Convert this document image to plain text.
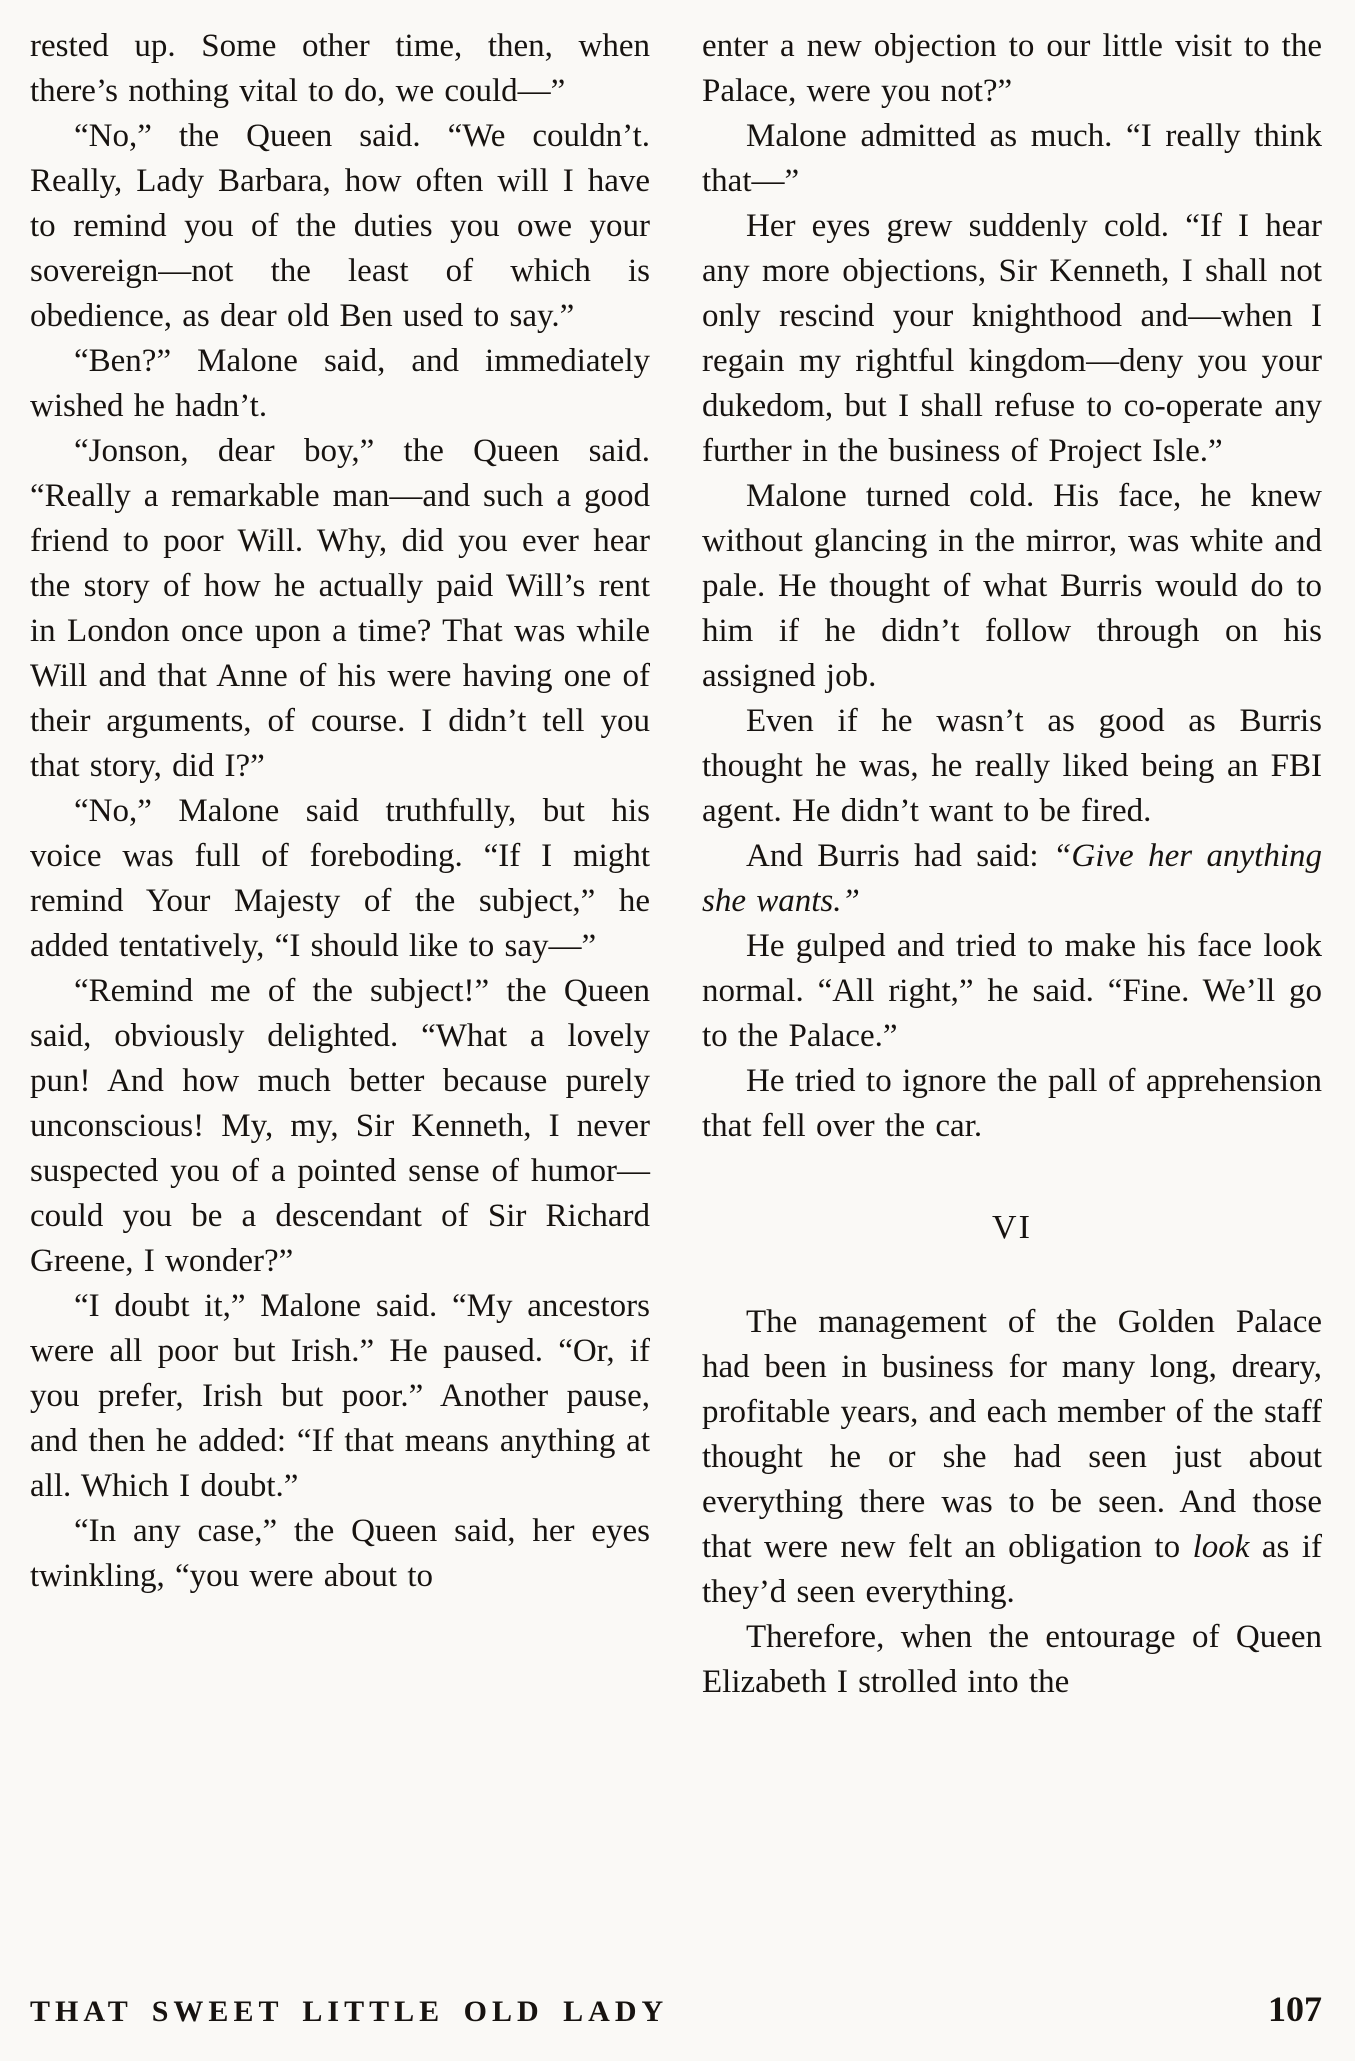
rested up. Some other time, then, when there’s nothing vital to do, we could—”

“No,” the Queen said. “We couldn’t. Really, Lady Barbara, how often will I have to remind you of the duties you owe your sovereign—not the least of which is obedience, as dear old Ben used to say.”

“Ben?” Malone said, and immediately wished he hadn’t.

“Jonson, dear boy,” the Queen said. “Really a remarkable man—and such a good friend to poor Will. Why, did you ever hear the story of how he actually paid Will’s rent in London once upon a time? That was while Will and that Anne of his were having one of their arguments, of course. I didn’t tell you that story, did I?”

“No,” Malone said truthfully, but his voice was full of foreboding. “If I might remind Your Majesty of the subject,” he added tentatively, “I should like to say—”

“Remind me of the subject!” the Queen said, obviously delighted. “What a lovely pun! And how much better because purely unconscious! My, my, Sir Kenneth, I never suspected you of a pointed sense of humor—could you be a descendant of Sir Richard Greene, I wonder?”

“I doubt it,” Malone said. “My ancestors were all poor but Irish.” He paused. “Or, if you prefer, Irish but poor.” Another pause, and then he added: “If that means anything at all. Which I doubt.”

“In any case,” the Queen said, her eyes twinkling, “you were about to

enter a new objection to our little visit to the Palace, were you not?”

Malone admitted as much. “I really think that—”

Her eyes grew suddenly cold. “If I hear any more objections, Sir Kenneth, I shall not only rescind your knighthood and—when I regain my rightful kingdom—deny you your dukedom, but I shall refuse to co-operate any further in the business of Project Isle.”

Malone turned cold. His face, he knew without glancing in the mirror, was white and pale. He thought of what Burris would do to him if he didn’t follow through on his assigned job.

Even if he wasn’t as good as Burris thought he was, he really liked being an FBI agent. He didn’t want to be fired.

And Burris had said: “Give her anything she wants.”

He gulped and tried to make his face look normal. “All right,” he said. “Fine. We’ll go to the Palace.”

He tried to ignore the pall of apprehension that fell over the car.

VI

The management of the Golden Palace had been in business for many long, dreary, profitable years, and each member of the staff thought he or she had seen just about everything there was to be seen. And those that were new felt an obligation to look as if they’d seen everything.

Therefore, when the entourage of Queen Elizabeth I strolled into the

THAT SWEET LITTLE OLD LADY	107
